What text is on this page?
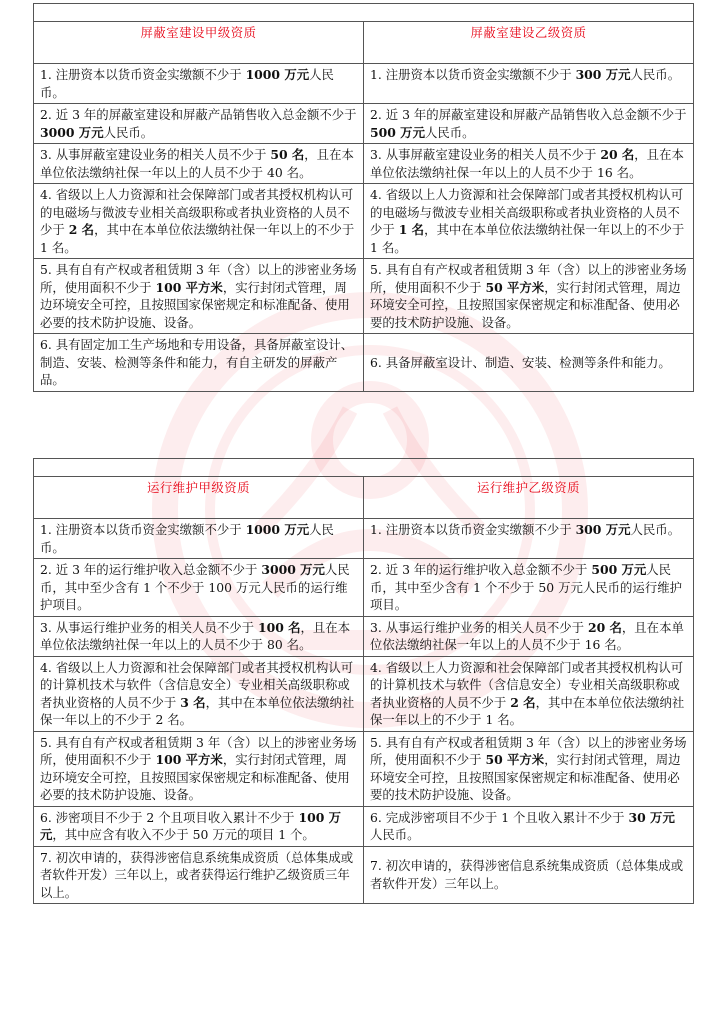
屏蔽室建设甲级资质	屏蔽室建设乙级资质
1. 注册资本以货币资金实缴额不少于 1000 万元人民币。	1. 注册资本以货币资金实缴额不少于 300 万元人民币。
2. 近 3 年的屏蔽室建设和屏蔽产品销售收入总金额不少于 3000 万元人民币。	2. 近 3 年的屏蔽室建设和屏蔽产品销售收入总金额不少于 500 万元人民币。
3. 从事屏蔽室建设业务的相关人员不少于 50 名，且在本单位依法缴纳社保一年以上的人员不少于 40 名。	3. 从事屏蔽室建设业务的相关人员不少于 20 名，且在本单位依法缴纳社保一年以上的人员不少于 16 名。
4. 省级以上人力资源和社会保障部门或者其授权机构认可的电磁场与微波专业相关高级职称或者执业资格的人员不少于 2 名，其中在本单位依法缴纳社保一年以上的不少于 1 名。	4. 省级以上人力资源和社会保障部门或者其授权机构认可的电磁场与微波专业相关高级职称或者执业资格的人员不少于 1 名，其中在本单位依法缴纳社保一年以上的不少于 1 名。
5. 具有自有产权或者租赁期 3 年（含）以上的涉密业务场所，使用面积不少于 100 平方米，实行封闭式管理，周边环境安全可控，且按照国家保密规定和标准配备、使用必要的技术防护设施、设备。	5. 具有自有产权或者租赁期 3 年（含）以上的涉密业务场所，使用面积不少于 50 平方米，实行封闭式管理，周边环境安全可控，且按照国家保密规定和标准配备、使用必要的技术防护设施、设备。
6. 具有固定加工生产场地和专用设备，具备屏蔽室设计、制造、安装、检测等条件和能力，有自主研发的屏蔽产品。	6. 具备屏蔽室设计、制造、安装、检测等条件和能力。

运行维护甲级资质	运行维护乙级资质
1. 注册资本以货币资金实缴额不少于 1000 万元人民币。	1. 注册资本以货币资金实缴额不少于 300 万元人民币。
2. 近 3 年的运行维护收入总金额不少于 3000 万元人民币，其中至少含有 1 个不少于 100 万元人民币的运行维护项目。	2. 近 3 年的运行维护收入总金额不少于 500 万元人民币，其中至少含有 1 个不少于 50 万元人民币的运行维护项目。
3. 从事运行维护业务的相关人员不少于 100 名，且在本单位依法缴纳社保一年以上的人员不少于 80 名。	3. 从事运行维护业务的相关人员不少于 20 名，且在本单位依法缴纳社保一年以上的人员不少于 16 名。
4. 省级以上人力资源和社会保障部门或者其授权机构认可的计算机技术与软件（含信息安全）专业相关高级职称或者执业资格的人员不少于 3 名，其中在本单位依法缴纳社保一年以上的不少于 2 名。	4. 省级以上人力资源和社会保障部门或者其授权机构认可的计算机技术与软件（含信息安全）专业相关高级职称或者执业资格的人员不少于 2 名，其中在本单位依法缴纳社保一年以上的不少于 1 名。
5. 具有自有产权或者租赁期 3 年（含）以上的涉密业务场所，使用面积不少于 100 平方米，实行封闭式管理，周边环境安全可控，且按照国家保密规定和标准配备、使用必要的技术防护设施、设备。	5. 具有自有产权或者租赁期 3 年（含）以上的涉密业务场所，使用面积不少于 50 平方米，实行封闭式管理，周边环境安全可控，且按照国家保密规定和标准配备、使用必要的技术防护设施、设备。
6. 涉密项目不少于 2 个且项目收入累计不少于 100 万元，其中应含有收入不少于 50 万元的项目 1 个。	6. 完成涉密项目不少于 1 个且收入累计不少于 30 万元人民币。
7. 初次申请的，获得涉密信息系统集成资质（总体集成或者软件开发）三年以上，或者获得运行维护乙级资质三年以上。	7. 初次申请的，获得涉密信息系统集成资质（总体集成或者软件开发）三年以上。
